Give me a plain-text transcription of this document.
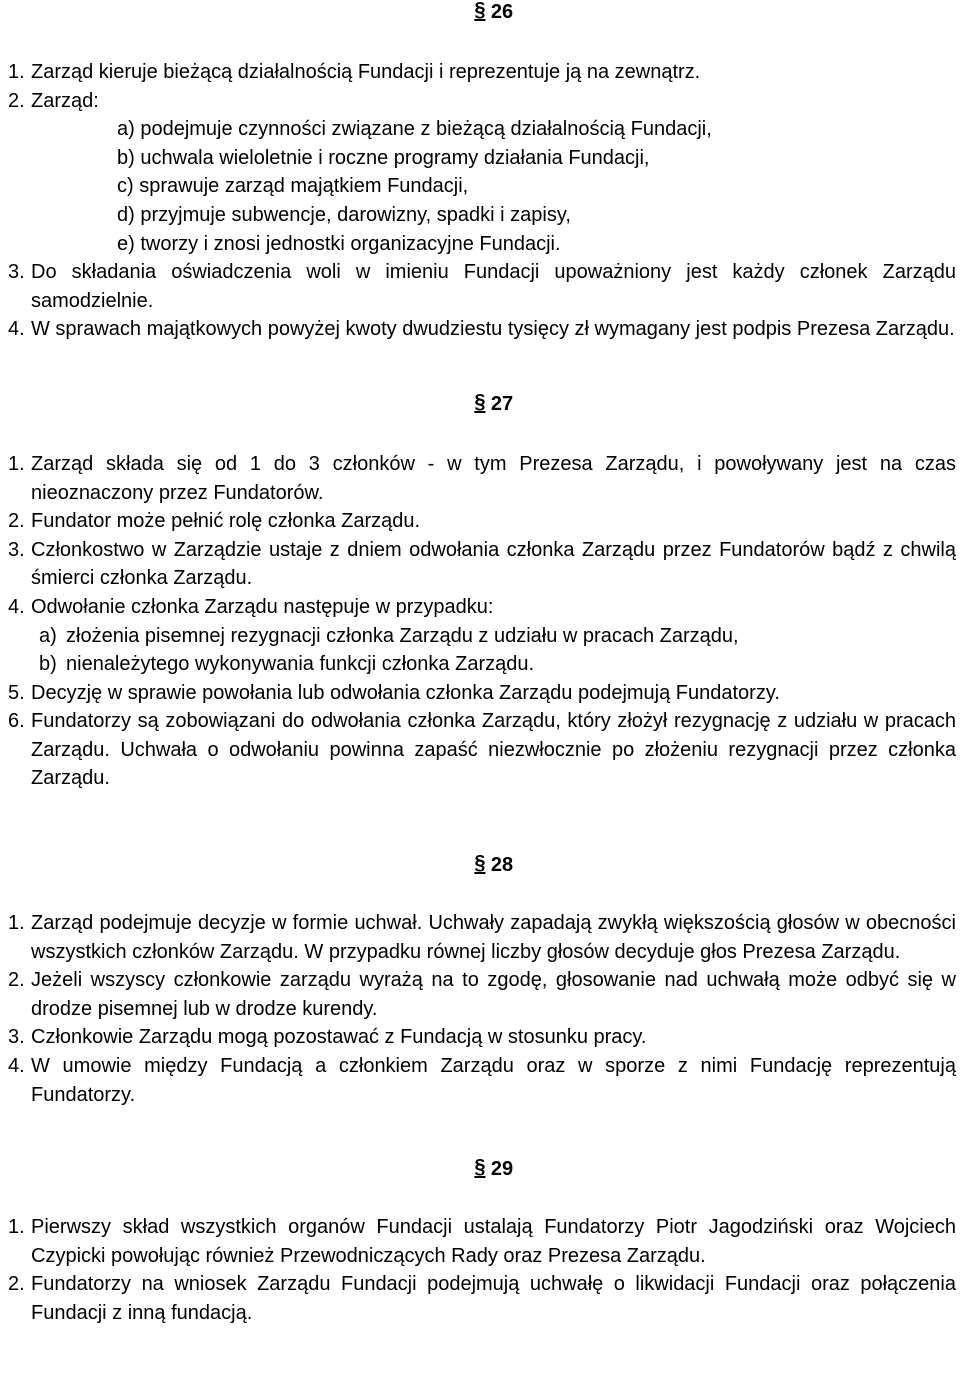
§ 26
1. Zarząd kieruje bieżącą działalnością Fundacji i reprezentuje ją na zewnątrz.
2. Zarząd:
a) podejmuje czynności związane z bieżącą działalnością Fundacji,
b) uchwala wieloletnie i roczne programy działania Fundacji,
c) sprawuje zarząd majątkiem Fundacji,
d) przyjmuje subwencje, darowizny, spadki i zapisy,
e) tworzy i znosi jednostki organizacyjne Fundacji.
3. Do składania oświadczenia woli w imieniu Fundacji upoważniony jest każdy członek Zarządu samodzielnie.
4. W sprawach majątkowych powyżej kwoty dwudziestu tysięcy zł wymagany jest podpis Prezesa Zarządu.
§ 27
1. Zarząd składa się od 1 do 3 członków - w tym Prezesa Zarządu, i powoływany jest na czas nieoznaczony przez Fundatorów.
2. Fundator może pełnić rolę członka Zarządu.
3. Członkostwo w Zarządzie ustaje z dniem odwołania członka Zarządu przez Fundatorów bądź z chwilą śmierci członka Zarządu.
4. Odwołanie członka Zarządu następuje w przypadku:
a) złożenia pisemnej rezygnacji członka Zarządu z udziału w pracach Zarządu,
b) nienależytego wykonywania funkcji członka Zarządu.
5. Decyzję w sprawie powołania lub odwołania członka Zarządu podejmują Fundatorzy.
6. Fundatorzy są zobowiązani do odwołania członka Zarządu, który złożył rezygnację z udziału w pracach Zarządu. Uchwała o odwołaniu powinna zapaść niezwłocznie po złożeniu rezygnacji przez członka Zarządu.
§ 28
1. Zarząd podejmuje decyzje w formie uchwał. Uchwały zapadają zwykłą większością głosów w obecności wszystkich członków Zarządu. W przypadku równej liczby głosów decyduje głos Prezesa Zarządu.
2. Jeżeli wszyscy członkowie zarządu wyrażą na to zgodę, głosowanie nad uchwałą może odbyć się w drodze pisemnej lub w drodze kurendy.
3. Członkowie Zarządu mogą pozostawać z Fundacją w stosunku pracy.
4. W umowie między Fundacją a członkiem Zarządu oraz w sporze z nimi Fundację reprezentują Fundatorzy.
§ 29
1. Pierwszy skład wszystkich organów Fundacji ustalają Fundatorzy Piotr Jagodziński oraz Wojciech Czypicki powołując również Przewodniczących Rady oraz Prezesa Zarządu.
2. Fundatorzy na wniosek Zarządu Fundacji podejmują uchwałę o likwidacji Fundacji oraz połączenia Fundacji z inną fundacją.
